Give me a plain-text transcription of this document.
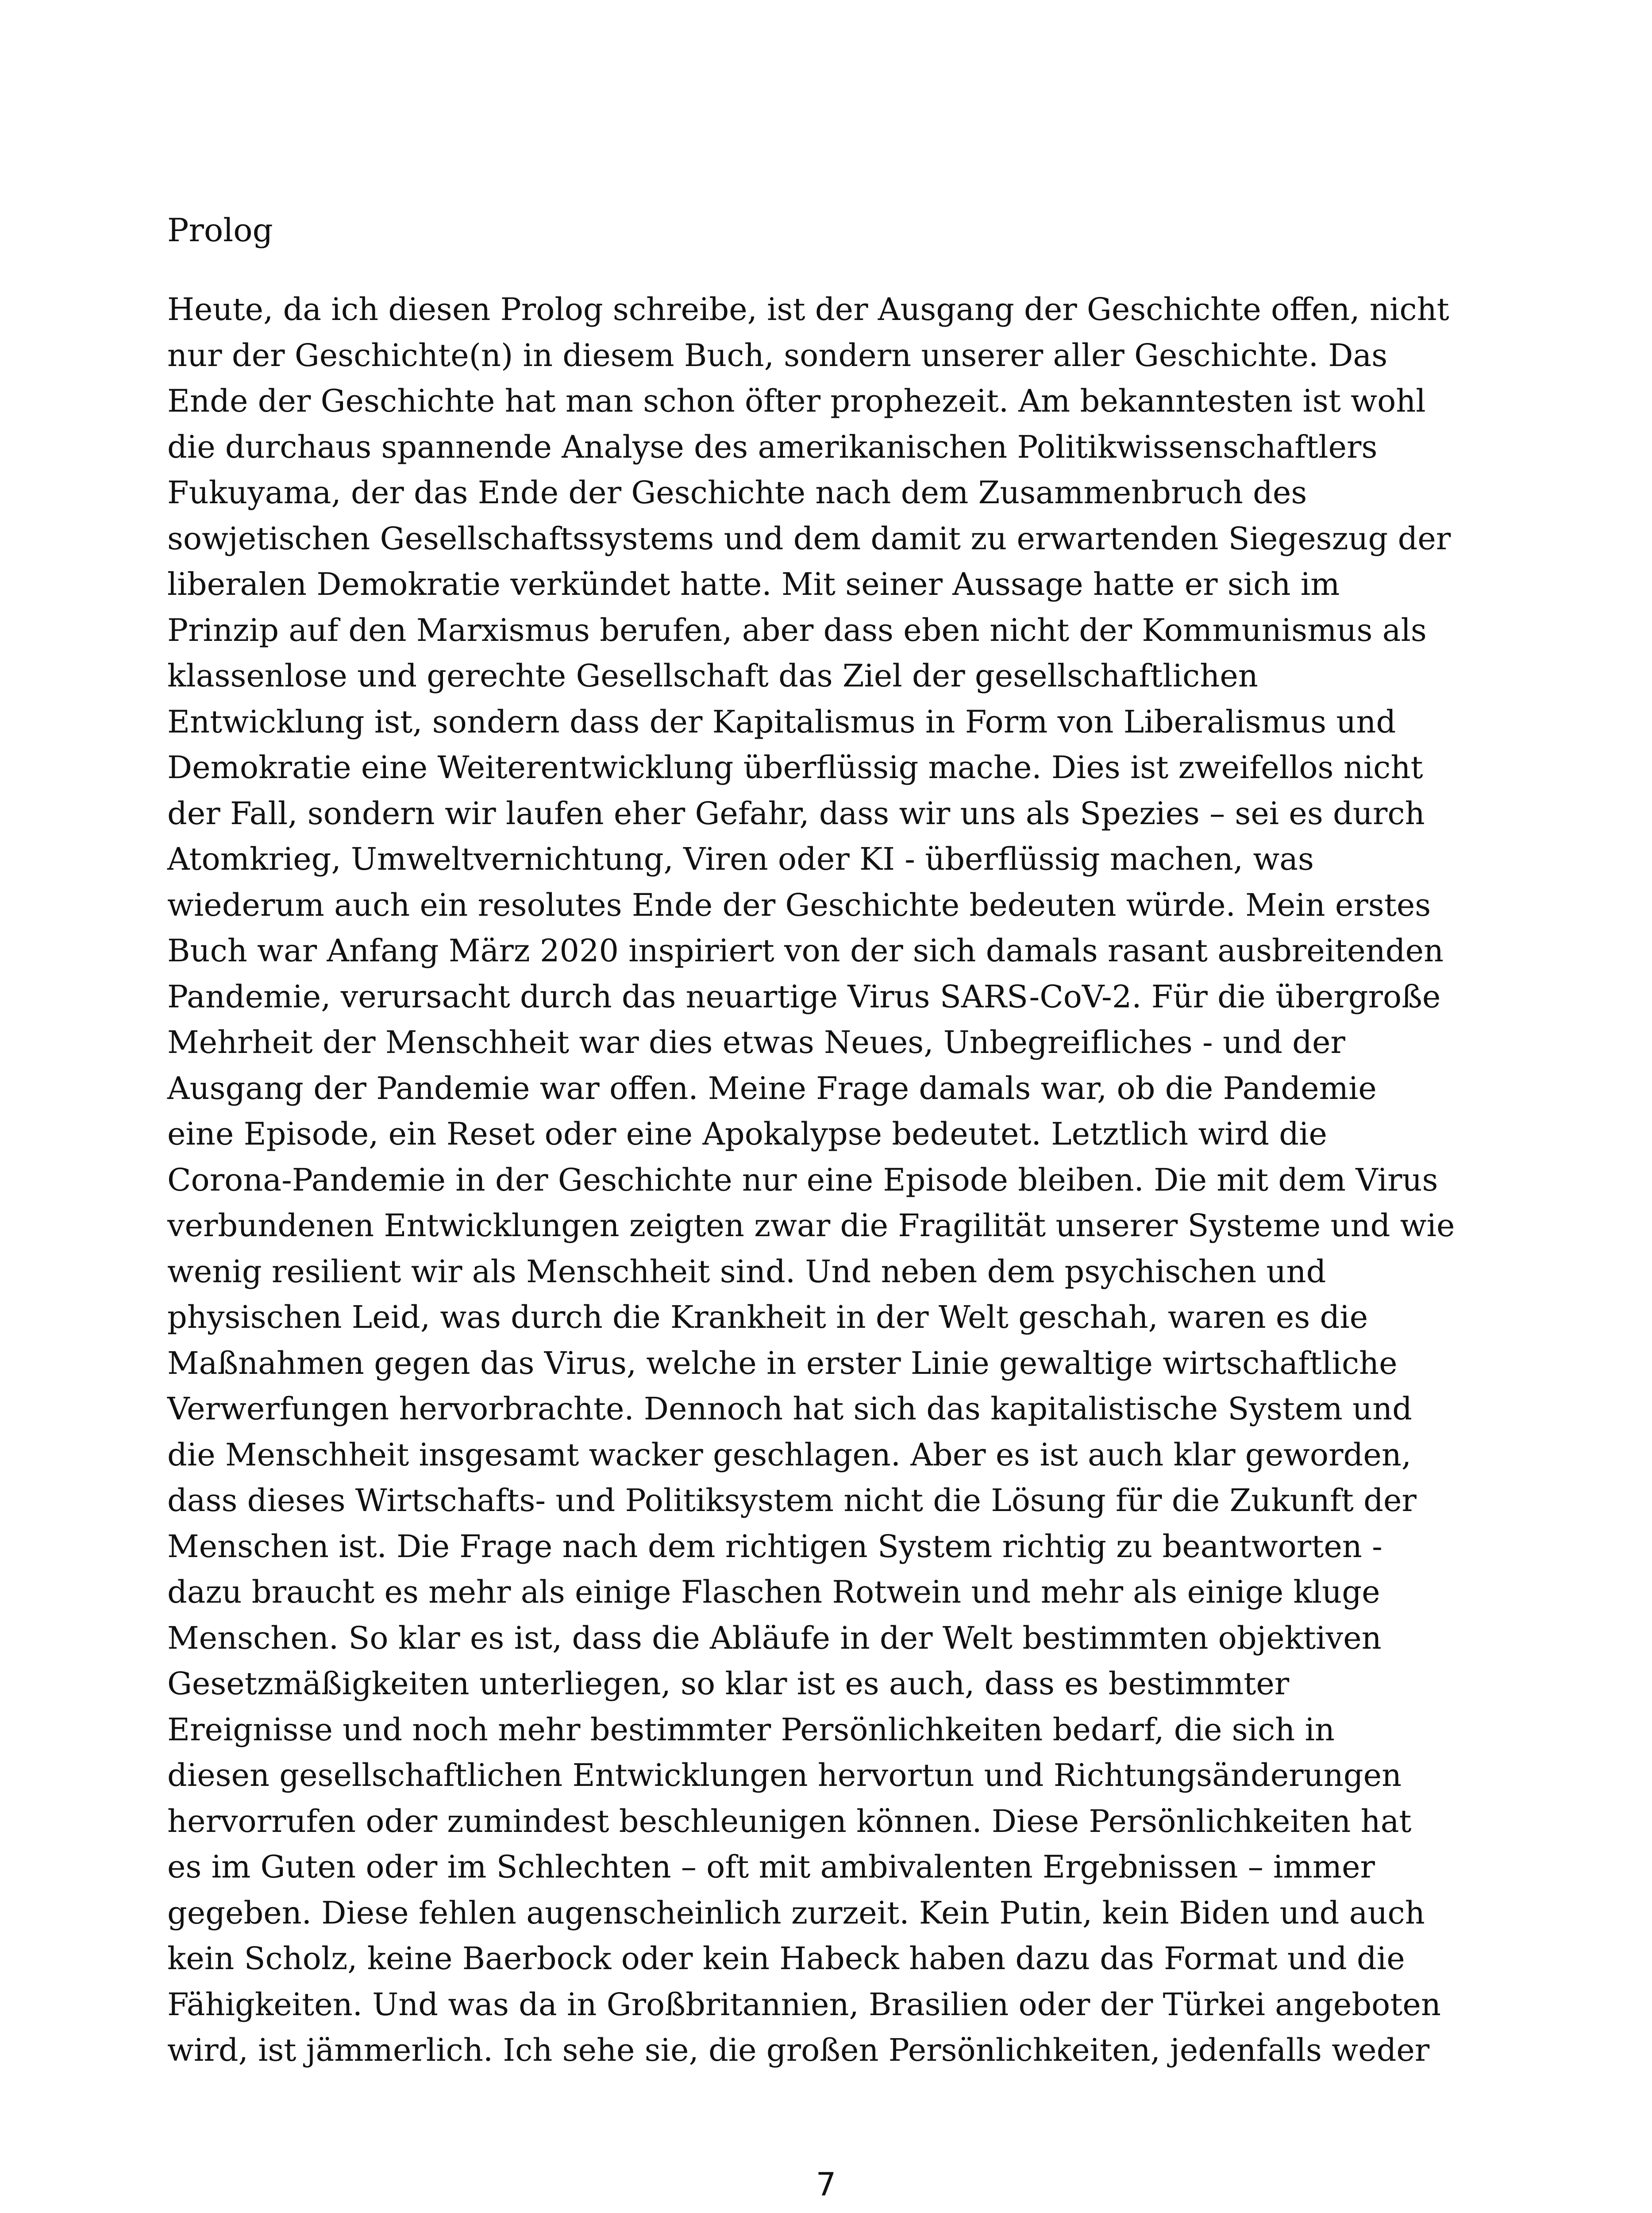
Prolog
Heute, da ich diesen Prolog schreibe, ist der Ausgang der Geschichte offen, nicht
nur der Geschichte(n) in diesem Buch, sondern unserer aller Geschichte. Das
Ende der Geschichte hat man schon öfter prophezeit. Am bekanntesten ist wohl
die durchaus spannende Analyse des amerikanischen Politikwissenschaftlers
Fukuyama, der das Ende der Geschichte nach dem Zusammenbruch des
sowjetischen Gesellschaftssystems und dem damit zu erwartenden Siegeszug der
liberalen Demokratie verkündet hatte. Mit seiner Aussage hatte er sich im
Prinzip auf den Marxismus berufen, aber dass eben nicht der Kommunismus als
klassenlose und gerechte Gesellschaft das Ziel der gesellschaftlichen
Entwicklung ist, sondern dass der Kapitalismus in Form von Liberalismus und
Demokratie eine Weiterentwicklung überflüssig mache. Dies ist zweifellos nicht
der Fall, sondern wir laufen eher Gefahr, dass wir uns als Spezies – sei es durch
Atomkrieg, Umweltvernichtung, Viren oder KI - überflüssig machen, was
wiederum auch ein resolutes Ende der Geschichte bedeuten würde. Mein erstes
Buch war Anfang März 2020 inspiriert von der sich damals rasant ausbreitenden
Pandemie, verursacht durch das neuartige Virus SARS-CoV-2. Für die übergroße
Mehrheit der Menschheit war dies etwas Neues, Unbegreifliches - und der
Ausgang der Pandemie war offen. Meine Frage damals war, ob die Pandemie
eine Episode, ein Reset oder eine Apokalypse bedeutet. Letztlich wird die
Corona-Pandemie in der Geschichte nur eine Episode bleiben. Die mit dem Virus
verbundenen Entwicklungen zeigten zwar die Fragilität unserer Systeme und wie
wenig resilient wir als Menschheit sind. Und neben dem psychischen und
physischen Leid, was durch die Krankheit in der Welt geschah, waren es die
Maßnahmen gegen das Virus, welche in erster Linie gewaltige wirtschaftliche
Verwerfungen hervorbrachte. Dennoch hat sich das kapitalistische System und
die Menschheit insgesamt wacker geschlagen. Aber es ist auch klar geworden,
dass dieses Wirtschafts- und Politiksystem nicht die Lösung für die Zukunft der
Menschen ist. Die Frage nach dem richtigen System richtig zu beantworten -
dazu braucht es mehr als einige Flaschen Rotwein und mehr als einige kluge
Menschen. So klar es ist, dass die Abläufe in der Welt bestimmten objektiven
Gesetzmäßigkeiten unterliegen, so klar ist es auch, dass es bestimmter
Ereignisse und noch mehr bestimmter Persönlichkeiten bedarf, die sich in
diesen gesellschaftlichen Entwicklungen hervortun und Richtungsänderungen
hervorrufen oder zumindest beschleunigen können. Diese Persönlichkeiten hat
es im Guten oder im Schlechten – oft mit ambivalenten Ergebnissen – immer
gegeben. Diese fehlen augenscheinlich zurzeit. Kein Putin, kein Biden und auch
kein Scholz, keine Baerbock oder kein Habeck haben dazu das Format und die
Fähigkeiten. Und was da in Großbritannien, Brasilien oder der Türkei angeboten
wird, ist jämmerlich. Ich sehe sie, die großen Persönlichkeiten, jedenfalls weder
7
